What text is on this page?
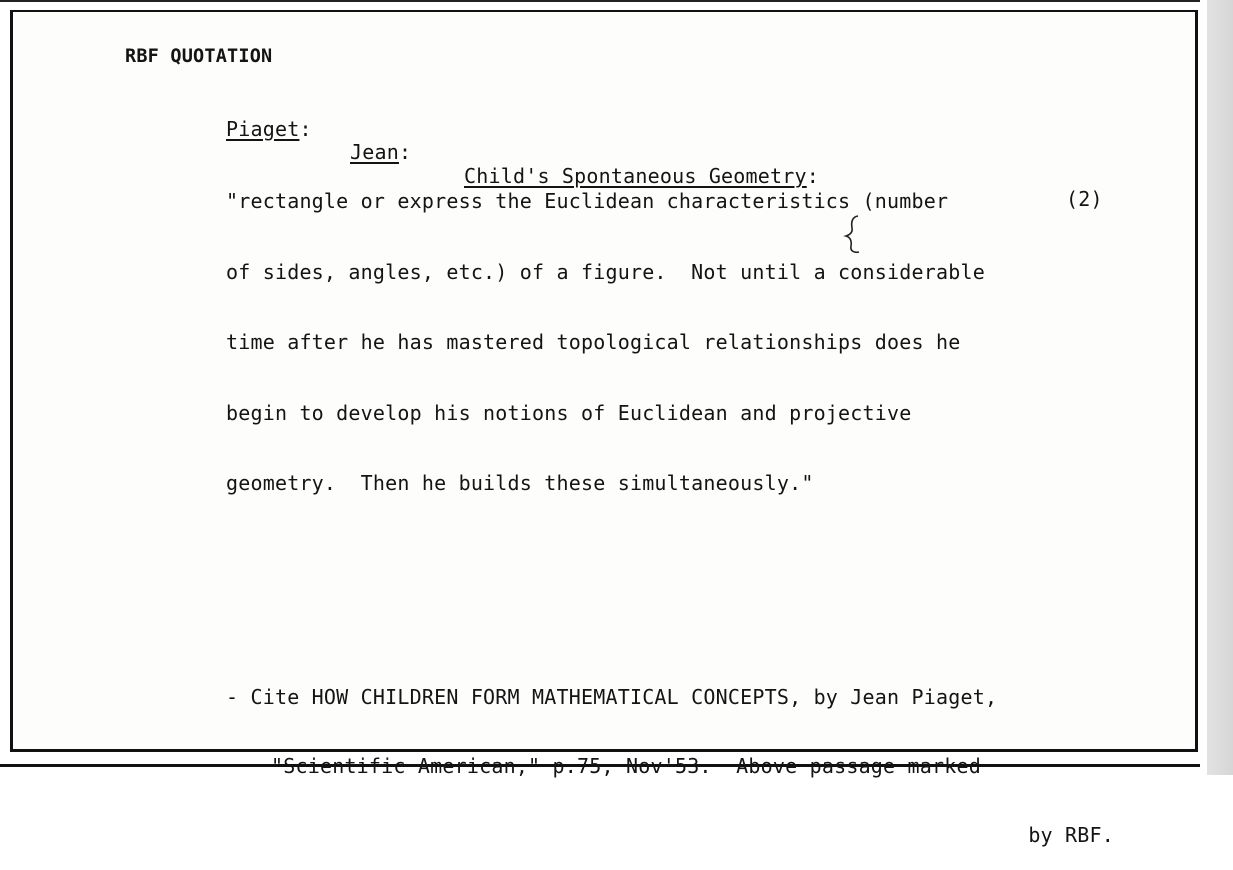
RBF QUOTATION

Piaget:

Jean:

Child's Spontaneous Geometry:

(2)

"rectangle or express the Euclidean characteristics (number

of sides, angles, etc.) of a figure.  Not until a considerable

time after he has mastered topological relationships does he

begin to develop his notions of Euclidean and projective

geometry.  Then he builds these simultaneously."

- Cite HOW CHILDREN FORM MATHEMATICAL CONCEPTS, by Jean Piaget,

"Scientific American," p.75, Nov'53.  Above passage marked

by RBF.
